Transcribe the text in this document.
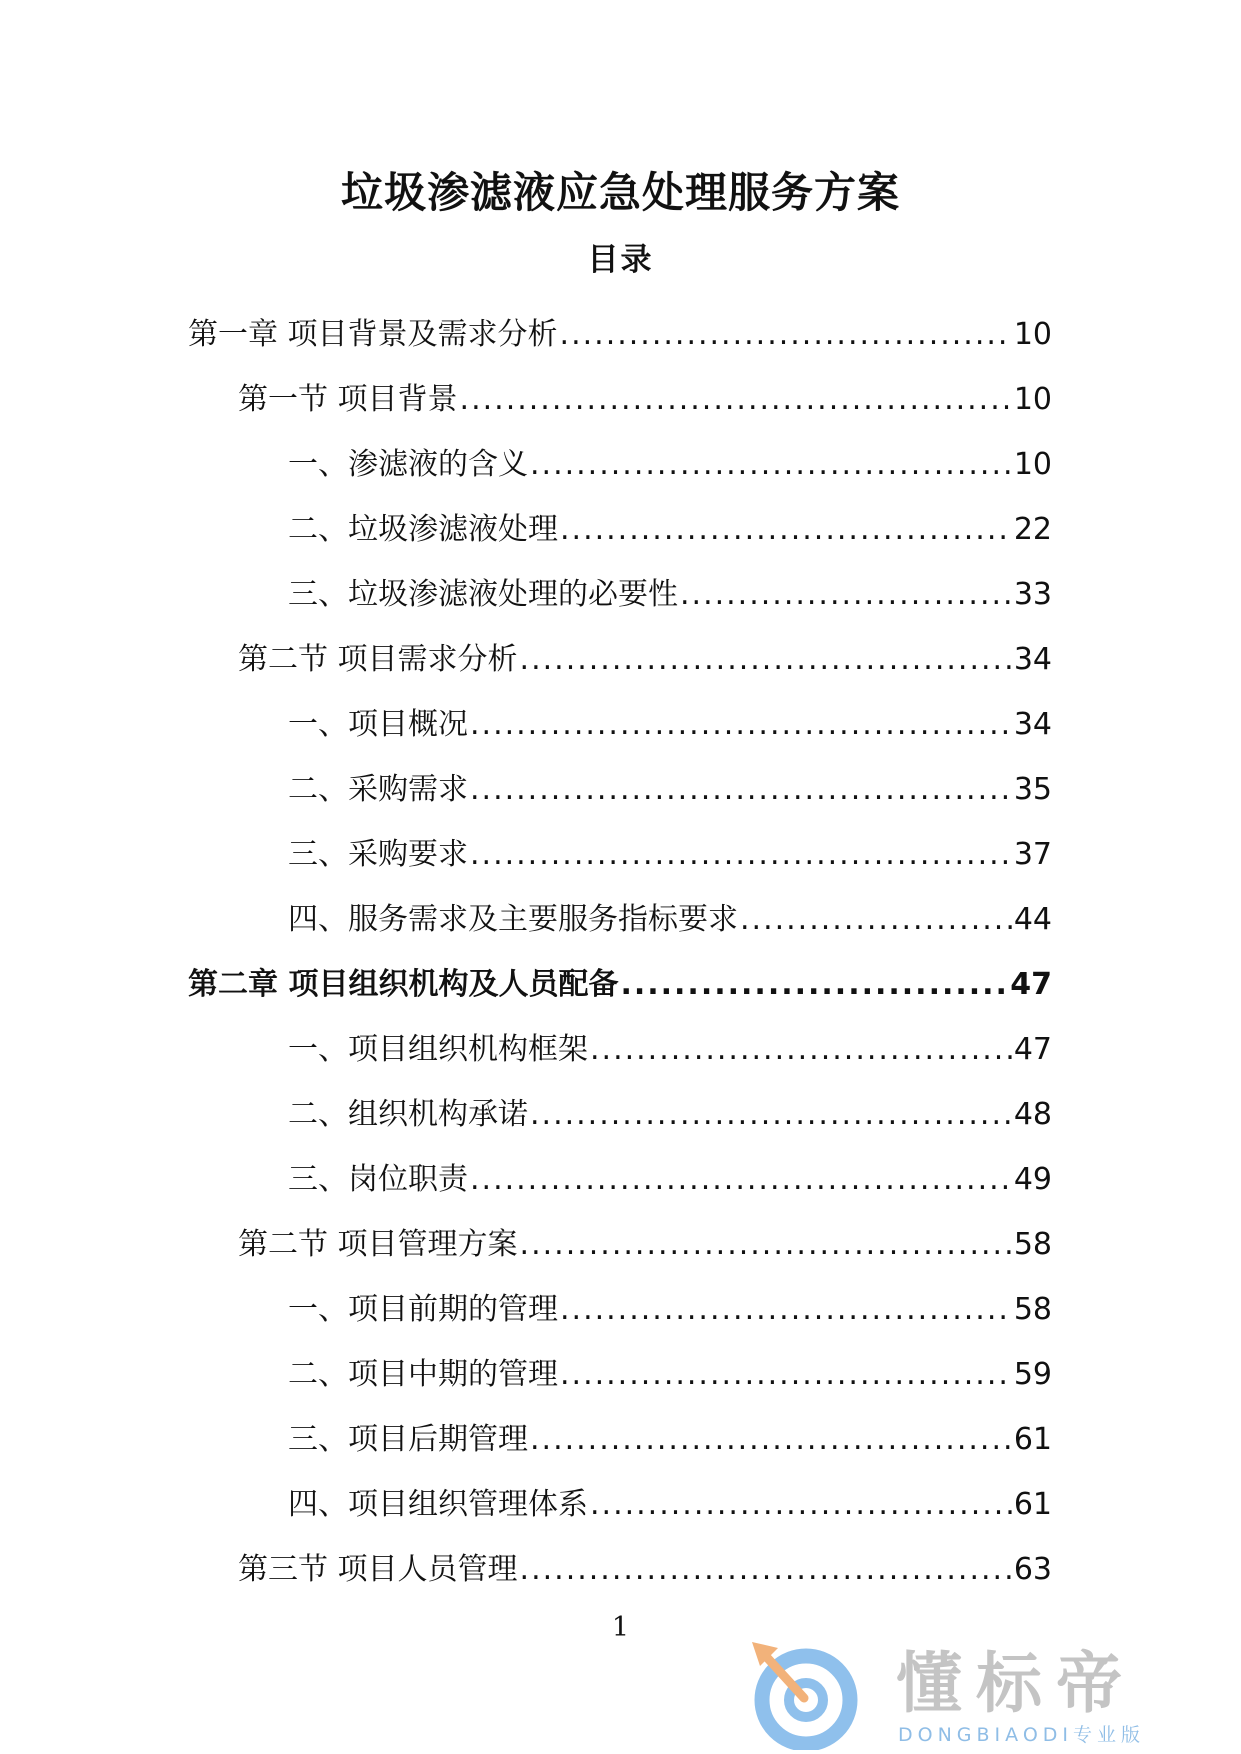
垃圾渗滤液应急处理服务方案
目录
第一章 项目背景及需求分析 .....	10
第一节 项目背景 .....	10
一、渗滤液的含义 .....	10
二、垃圾渗滤液处理 .....	22
三、垃圾渗滤液处理的必要性 .....	33
第二节 项目需求分析 .....	34
一、项目概况 .....	34
二、采购需求 .....	35
三、采购要求 .....	37
四、服务需求及主要服务指标要求 .....	44
第二章 项目组织机构及人员配备 .....	47
一、项目组织机构框架 .....	47
二、组织机构承诺 .....	48
三、岗位职责 .....	49
第二节 项目管理方案 .....	58
一、项目前期的管理 .....	58
二、项目中期的管理 .....	59
三、项目后期管理 .....	61
四、项目组织管理体系 .....	61
第三节 项目人员管理 .....	63
1
懂标帝
DONGBIAODI专业版
